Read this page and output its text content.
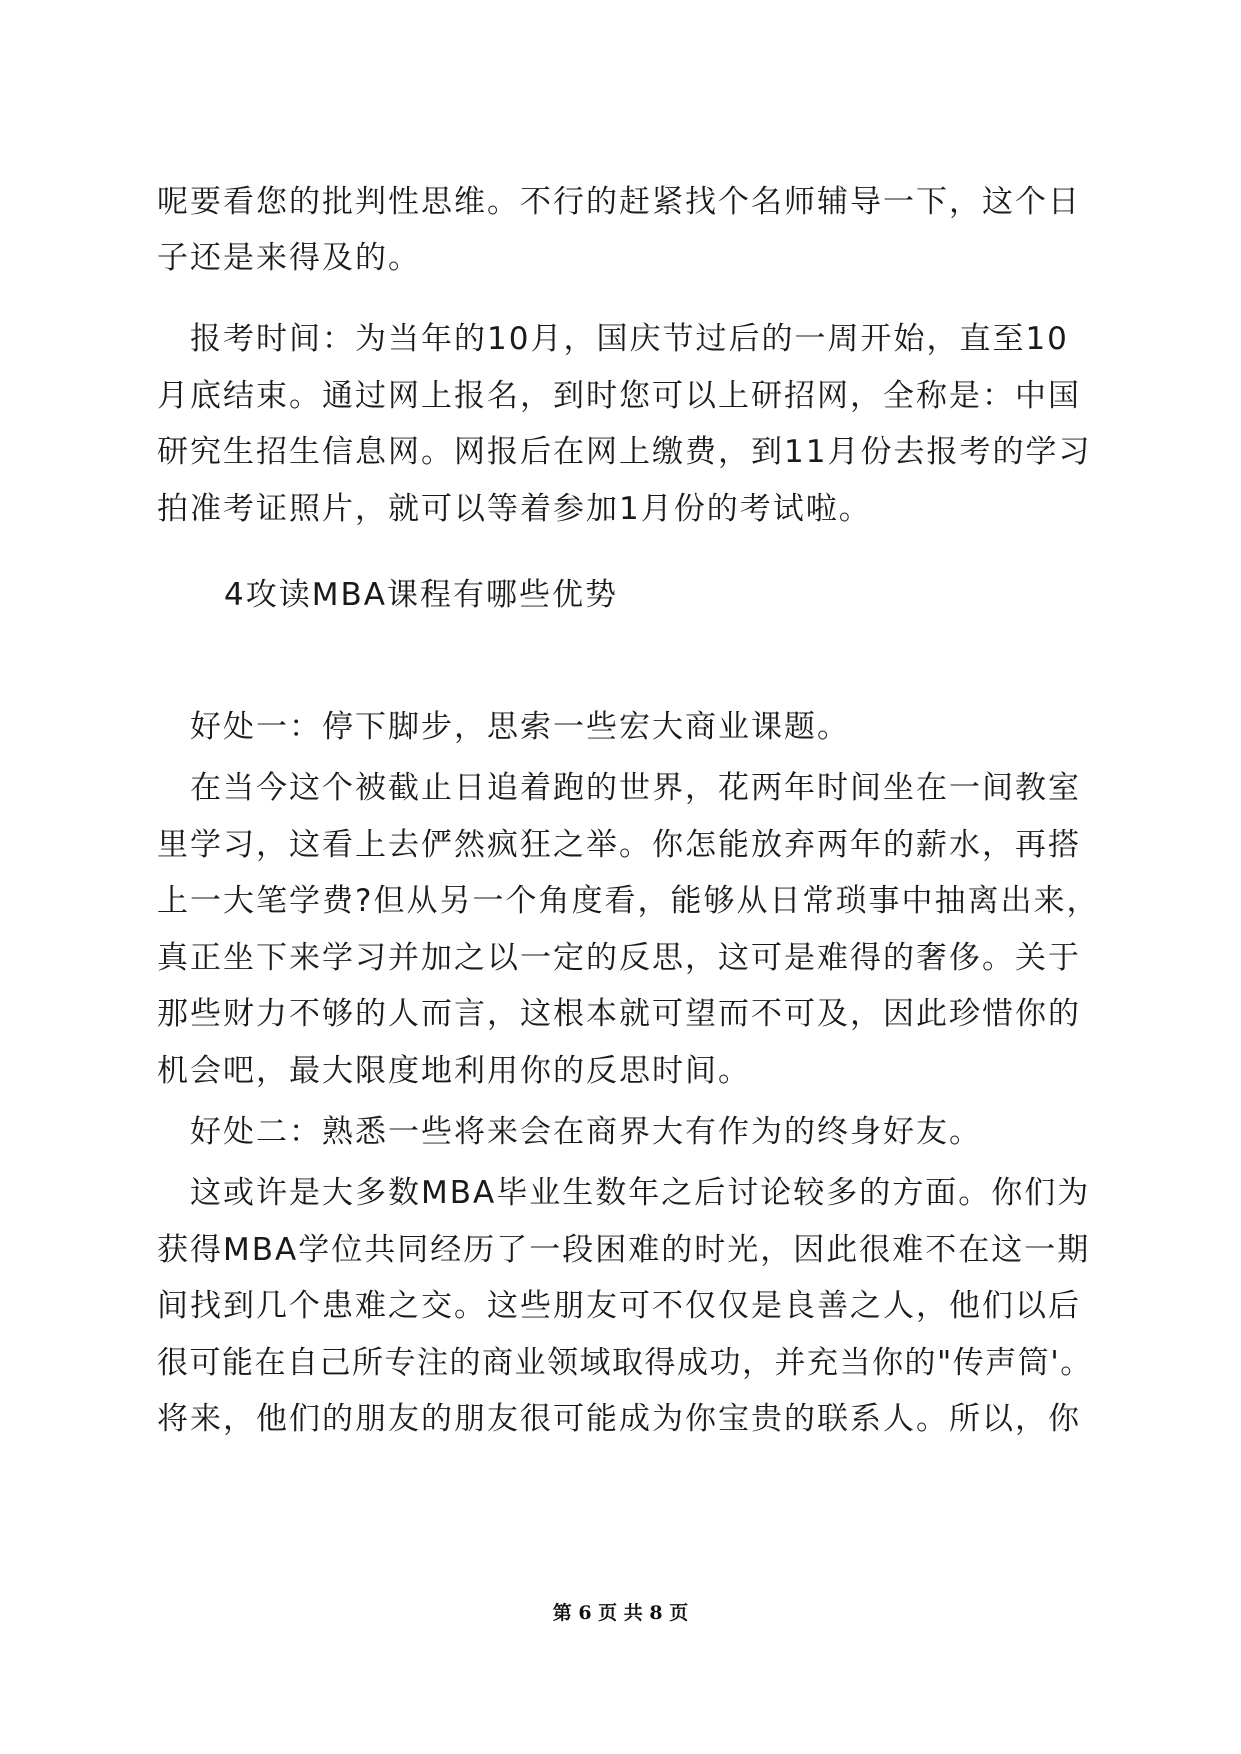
呢要看您的批判性思维。不行的赶紧找个名师辅导一下，这个日
子还是来得及的。
报考时间：为当年的10月，国庆节过后的一周开始，直至10
月底结束。通过网上报名，到时您可以上研招网，全称是：中国
研究生招生信息网。网报后在网上缴费，到11月份去报考的学习
拍准考证照片，就可以等着参加1月份的考试啦。
4攻读MBA课程有哪些优势
好处一：停下脚步，思索一些宏大商业课题。
在当今这个被截止日追着跑的世界，花两年时间坐在一间教室
里学习，这看上去俨然疯狂之举。你怎能放弃两年的薪水，再搭
上一大笔学费?但从另一个角度看，能够从日常琐事中抽离出来，
真正坐下来学习并加之以一定的反思，这可是难得的奢侈。关于
那些财力不够的人而言，这根本就可望而不可及，因此珍惜你的
机会吧，最大限度地利用你的反思时间。
好处二：熟悉一些将来会在商界大有作为的终身好友。
这或许是大多数MBA毕业生数年之后讨论较多的方面。你们为
获得MBA学位共同经历了一段困难的时光，因此很难不在这一期
间找到几个患难之交。这些朋友可不仅仅是良善之人，他们以后
很可能在自己所专注的商业领域取得成功，并充当你的"传声筒'。
将来，他们的朋友的朋友很可能成为你宝贵的联系人。所以，你
第 6 页 共 8 页
